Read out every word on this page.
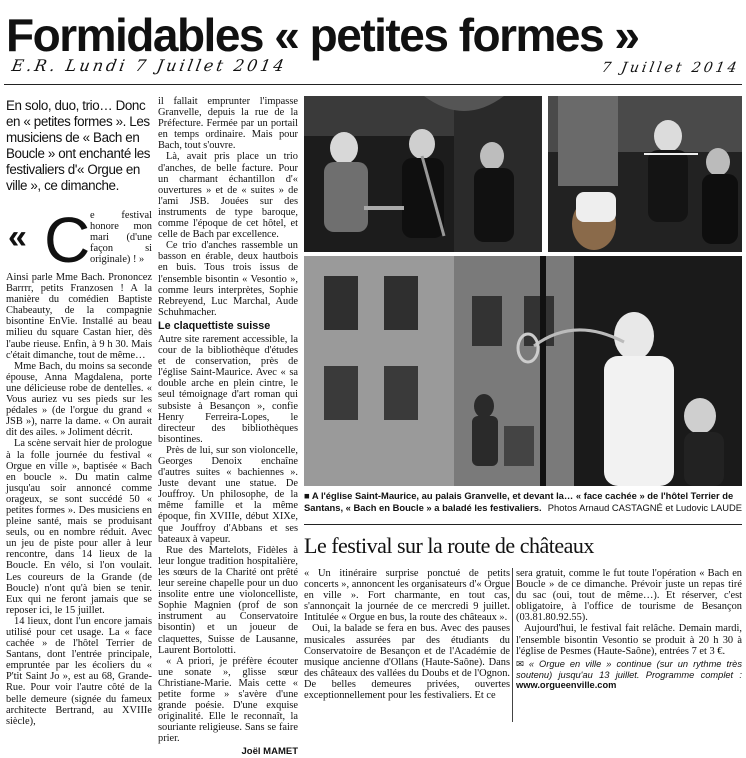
Formidables « petites formes »
E.R. Lundi 7 Juillet 2014	7 Juillet 2014

En solo, duo, trio… Donc en « petites formes ». Les musiciens de « Bach en Boucle » ont enchanté les festivaliers d'« Orgue en ville », ce dimanche.

« C e festival honore mon mari (d'une façon si originale) ! »

Ainsi parle Mme Bach. Prononcez Barrrr, petits Franzosen ! A la manière du comédien Baptiste Chabeauty, de la compagnie bisontine EnVie. Installé au beau milieu du square Castan hier, dès l'aube rieuse. Enfin, à 9 h 30. Mais c'était dimanche, tout de même…

Mme Bach, du moins sa seconde épouse, Anna Magdalena, porte une délicieuse robe de dentelles. « Vous auriez vu ses pieds sur les pédales » (de l'orgue du grand « JSB »), narre la dame. « On aurait dit des ailes. » Joliment décrit.

La scène servait hier de prologue à la folle journée du festival « Orgue en ville », baptisée « Bach en boucle ». Du matin calme jusqu'au soir annoncé comme orageux, se sont succédé 50 « petites formes ». Des musiciens en pleine santé, mais se produisant seuls, ou en nombre réduit. Avec un jeu de piste pour aller à leur rencontre, dans 14 lieux de la Boucle. En vélo, si l'on voulait. Les coureurs de la Grande (de Boucle) n'ont qu'à bien se tenir. Eux qui ne feront jamais que se reposer ici, le 15 juillet.

14 lieux, dont l'un encore jamais utilisé pour cet usage. La « face cachée » de l'hôtel Terrier de Santans, dont l'entrée principale, empruntée par les écoliers du « P'tit Saint Jo », est au 68, Grande-Rue. Pour voir l'autre côté de la belle demeure (signée du fameux architecte Bertrand, au XVIIIe siècle),

il fallait emprunter l'impasse Granvelle, depuis la rue de la Préfecture. Fermée par un portail en temps ordinaire. Mais pour Bach, tout s'ouvre.

Là, avait pris place un trio d'anches, de belle facture. Pour un charmant échantillon d'« ouvertures » et de « suites » de l'ami JSB. Jouées sur des instruments de type baroque, comme l'époque de cet hôtel, et celle de Bach par excellence.

Ce trio d'anches rassemble un basson en érable, deux hautbois en buis. Tous trois issus de l'ensemble bisontin « Vesontio », comme leurs interprètes, Sophie Rebreyend, Luc Marchal, Aude Schuhmacher.

Le claquettiste suisse

Autre site rarement accessible, la cour de la bibliothèque d'études et de conservation, près de l'église Saint-Maurice. Avec « sa double arche en plein cintre, le seul témoignage d'art roman qui subsiste à Besançon », confie Henry Ferreira-Lopes, le directeur des bibliothèques bisontines.

Près de lui, sur son violoncelle, Georges Denoix enchaîne d'autres suites « bachiennes ». Juste devant une statue. De Jouffroy. Un philosophe, de la même famille et la même époque, fin XVIIIe, début XIXe, que Jouffroy d'Abbans et ses bateaux à vapeur.

Rue des Martelots, Fidèles à leur longue tradition hospitalière, les sœurs de la Charité ont prêté leur sereine chapelle pour un duo insolite entre une violoncelliste, Sophie Magnien (prof de son instrument au Conservatoire bisontin) et un joueur de claquettes, Suisse de Lausanne, Laurent Bortolotti.

« A priori, je préfère écouter une sonate », glisse sœur Christiane-Marie. Mais cette « petite forme » s'avère d'une grande poésie. D'une exquise originalité. Elle le reconnaît, la souriante religieuse. Sans se faire prier.

Joël MAMET
■ A l'église Saint-Maurice, au palais Granvelle, et devant la… « face cachée » de l'hôtel Terrier de Santans, « Bach en Boucle » a baladé les festivaliers. Photos Arnaud CASTAGNÉ et Ludovic LAUDE
Le festival sur la route de châteaux

« Un itinéraire surprise ponctué de petits concerts », annoncent les organisateurs d'« Orgue en ville ». Fort charmante, en tout cas, s'annonçait la journée de ce mercredi 9 juillet. Intitulée « Orgue en bus, la route des châteaux ».

Oui, la balade se fera en bus. Avec des pauses musicales assurées par des étudiants du Conservatoire de Besançon et de l'Académie de musique ancienne d'Ollans (Haute-Saône). Dans des châteaux des vallées du Doubs et de l'Ognon. De belles demeures privées, ouvertes exceptionnellement pour les festivaliers. Et ce

sera gratuit, comme le fut toute l'opération « Bach en Boucle » de ce dimanche. Prévoir juste un repas tiré du sac (oui, tout de même…). Et réserver, c'est obligatoire, à l'office de tourisme de Besançon (03.81.80.92.55).

Aujourd'hui, le festival fait relâche. Demain mardi, l'ensemble bisontin Vesontio se produit à 20 h 30 à l'église de Pesmes (Haute-Saône), entrées 7 et 3 €.

✉ « Orgue en ville » continue (sur un rythme très soutenu) jusqu'au 13 juillet. Programme complet : www.orgueenville.com
